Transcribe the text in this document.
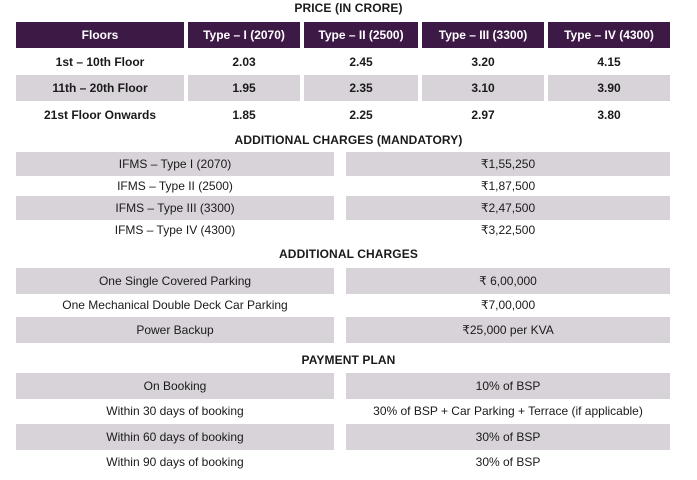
PRICE (IN CRORE)
Floors	Type – I (2070)	Type – II (2500)	Type – III (3300)	Type – IV (4300)
1st – 10th Floor	2.03	2.45	3.20	4.15
11th – 20th Floor	1.95	2.35	3.10	3.90
21st Floor Onwards	1.85	2.25	2.97	3.80
ADDITIONAL CHARGES (MANDATORY)
IFMS – Type I (2070)	₹1,55,250
IFMS – Type II (2500)	₹1,87,500
IFMS – Type III (3300)	₹2,47,500
IFMS – Type IV (4300)	₹3,22,500
ADDITIONAL CHARGES
One Single Covered Parking	₹ 6,00,000
One Mechanical Double Deck Car Parking	₹7,00,000
Power Backup	₹25,000 per KVA
PAYMENT PLAN
On Booking	10% of BSP
Within 30 days of booking	30% of BSP + Car Parking + Terrace (if applicable)
Within 60 days of booking	30% of BSP
Within 90 days of booking	30% of BSP
